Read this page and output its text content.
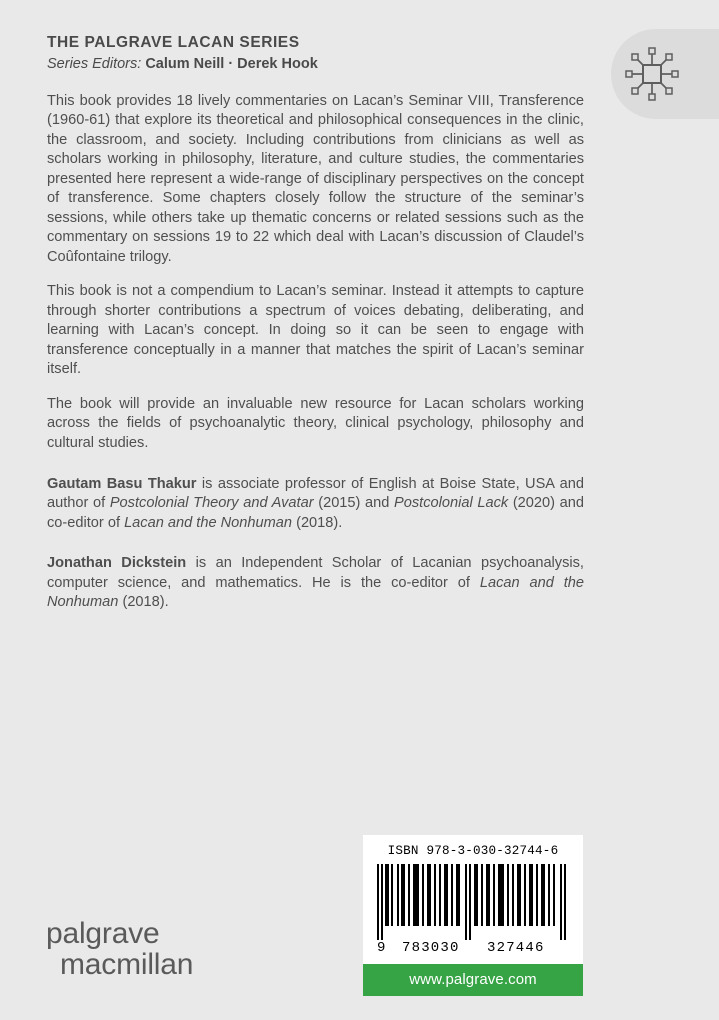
THE PALGRAVE LACAN SERIES
Series Editors: Calum Neill · Derek Hook

This book provides 18 lively commentaries on Lacan’s Seminar VIII, Transference (1960-61) that explore its theoretical and philosophical consequences in the clinic, the classroom, and society. Including contributions from clinicians as well as scholars working in philosophy, literature, and culture studies, the commentaries presented here represent a wide-range of disciplinary perspectives on the concept of transference. Some chapters closely follow the structure of the seminar’s sessions, while others take up thematic concerns or related sessions such as the commentary on sessions 19 to 22 which deal with Lacan’s discussion of Claudel’s Coûfontaine trilogy.

This book is not a compendium to Lacan’s seminar. Instead it attempts to capture through shorter contributions a spectrum of voices debating, deliberating, and learning with Lacan’s concept. In doing so it can be seen to engage with transference conceptually in a manner that matches the spirit of Lacan’s seminar itself.

The book will provide an invaluable new resource for Lacan scholars working across the fields of psychoanalytic theory, clinical psychology, philosophy and cultural studies.

Gautam Basu Thakur is associate professor of English at Boise State, USA and author of Postcolonial Theory and Avatar (2015) and Postcolonial Lack (2020) and co-editor of Lacan and the Nonhuman (2018).

Jonathan Dickstein is an Independent Scholar of Lacanian psychoanalysis, computer science, and mathematics. He is the co-editor of Lacan and the Nonhuman (2018).

palgrave
macmillan
ISBN 978-3-030-32744-6
9 783030 327446
www.palgrave.com
